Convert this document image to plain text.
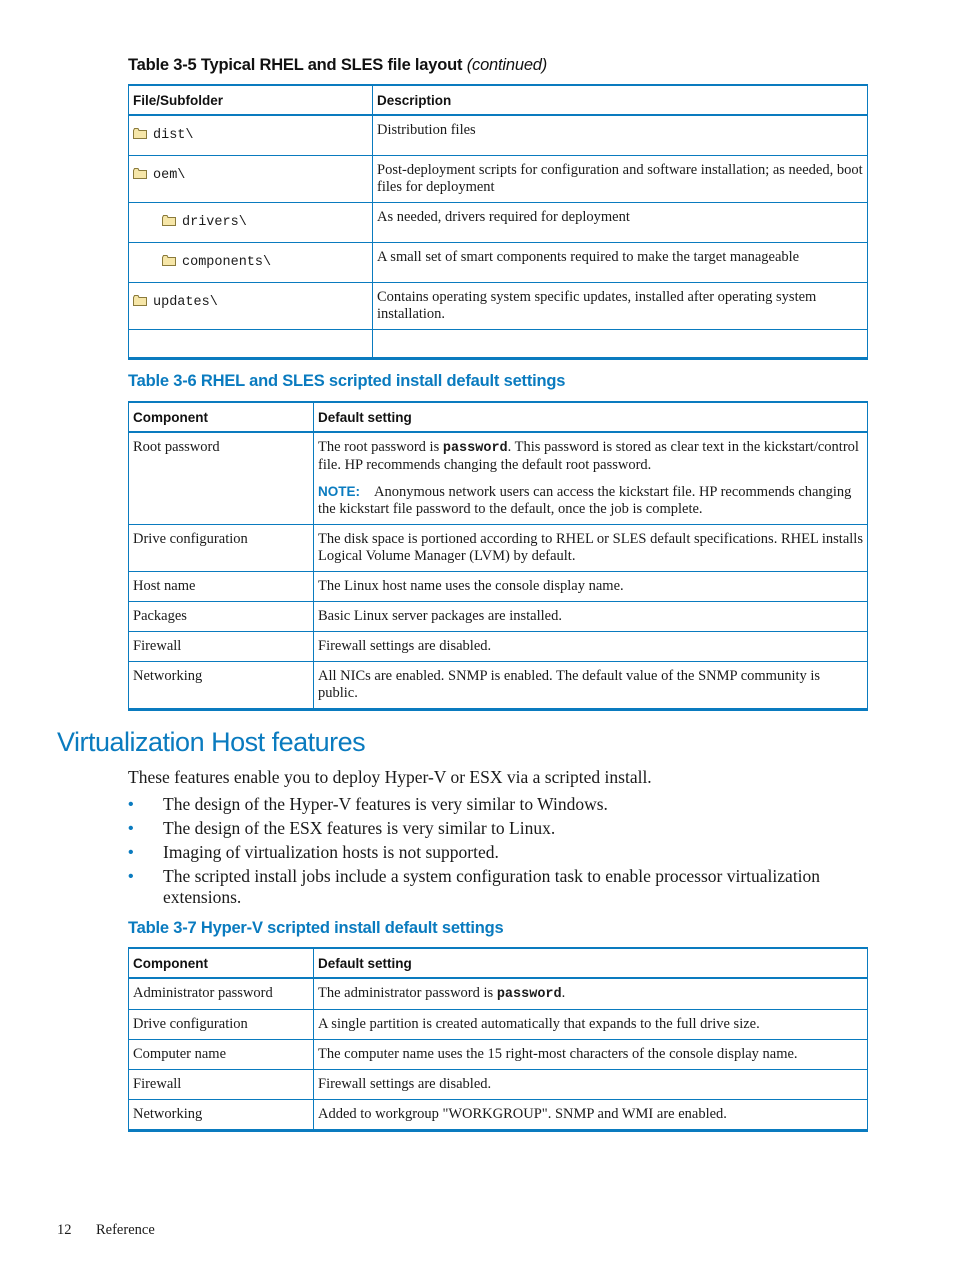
Table 3-5 Typical RHEL and SLES file layout (continued)
File/Subfolder	Description

dist\	Distribution files

oem\	Post-deployment scripts for configuration and software installation; as needed, boot files for deployment

drivers\	As needed, drivers required for deployment

components\	A small set of smart components required to make the target manageable

updates\	Contains operating system specific updates, installed after operating system installation.

Table 3-6 RHEL and SLES scripted install default settings
Component	Default setting
Root password	The root password is password. This password is stored as clear text in the kickstart/control file. HP recommends changing the default root password.
NOTE: Anonymous network users can access the kickstart file. HP recommends changing the kickstart file password to the default, once the job is complete.

Drive configuration	The disk space is portioned according to RHEL or SLES default specifications. RHEL installs Logical Volume Manager (LVM) by default.
Host name	The Linux host name uses the console display name.
Packages	Basic Linux server packages are installed.
Firewall	Firewall settings are disabled.
Networking	All NICs are enabled. SNMP is enabled. The default value of the SNMP community is public.
Virtualization Host features
These features enable you to deploy Hyper-V or ESX via a scripted install.
• The design of the Hyper-V features is very similar to Windows.
• The design of the ESX features is very similar to Linux.
• Imaging of virtualization hosts is not supported.
• The scripted install jobs include a system configuration task to enable processor virtualization extensions.
Table 3-7 Hyper-V scripted install default settings
Component	Default setting
Administrator password	The administrator password is password.
Drive configuration	A single partition is created automatically that expands to the full drive size.
Computer name	The computer name uses the 15 right-most characters of the console display name.
Firewall	Firewall settings are disabled.
Networking	Added to workgroup "WORKGROUP". SNMP and WMI are enabled.
12 Reference
